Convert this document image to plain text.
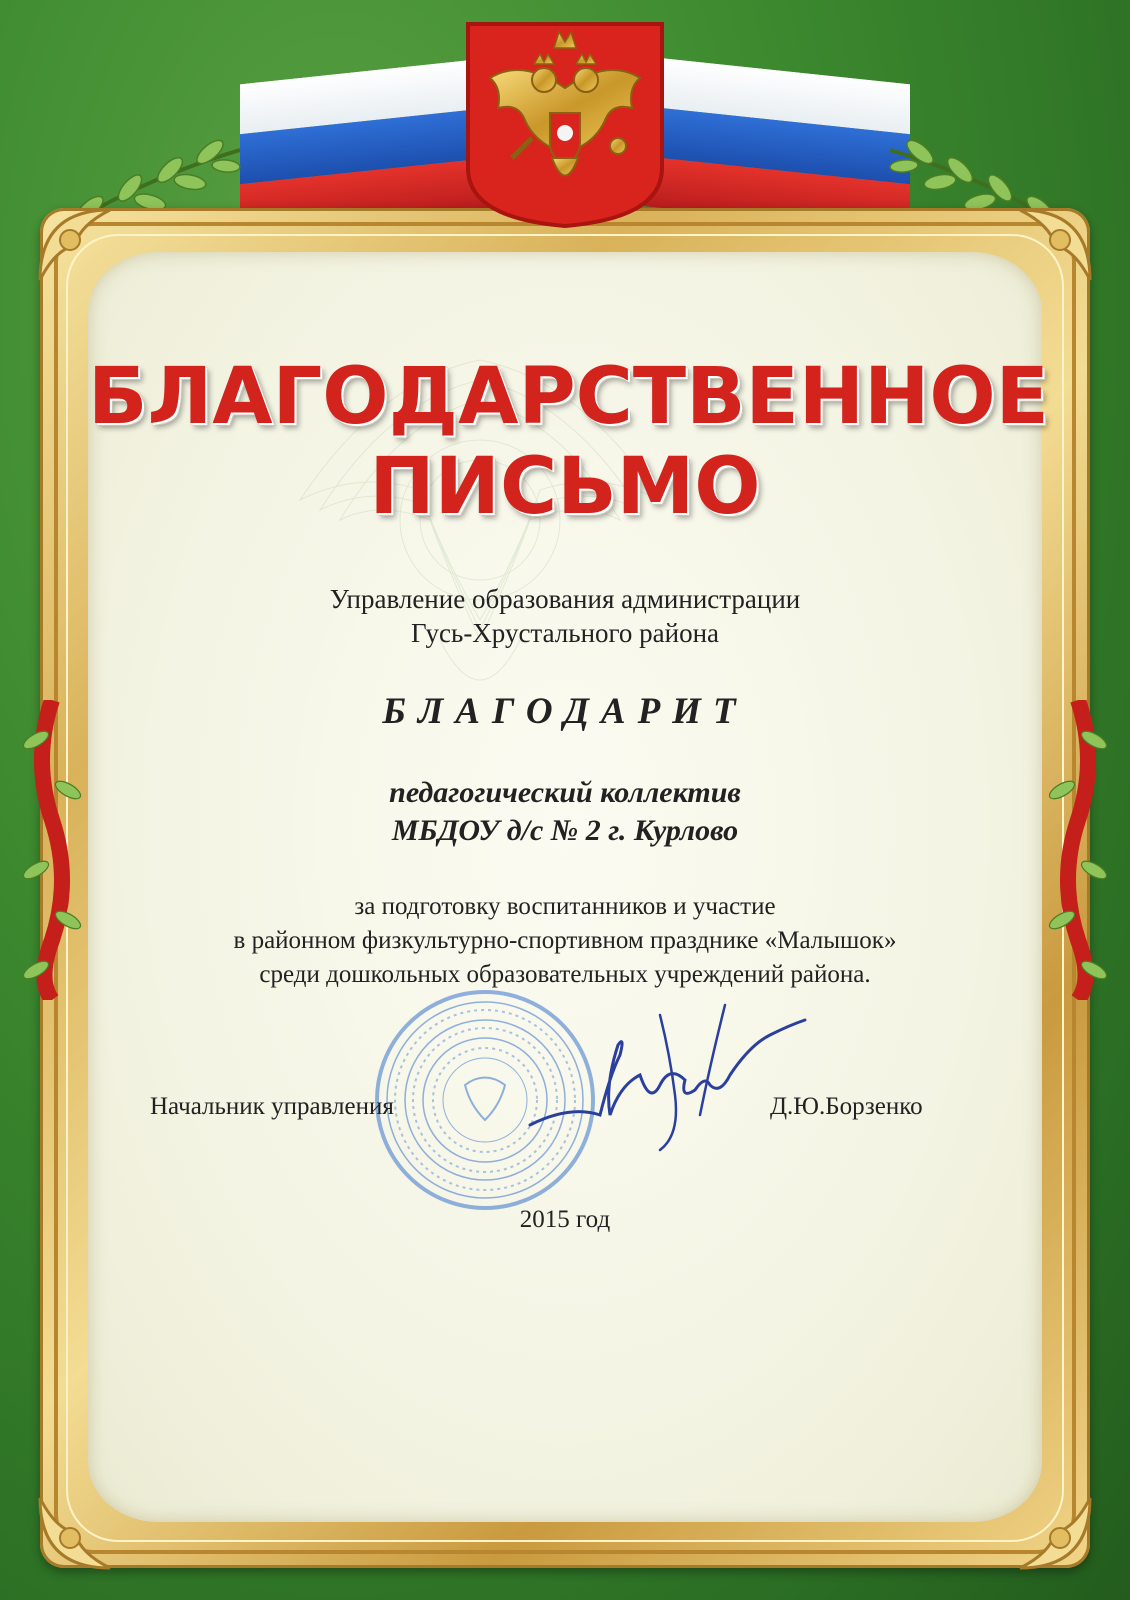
БЛАГОДАРСТВЕННОЕ
ПИСЬМО
Управление образования администрации
Гусь-Хрустального района
БЛАГОДАРИТ
педагогический коллектив
МБДОУ д/с № 2 г. Курлово
за подготовку воспитанников и участие
в районном физкультурно-спортивном празднике «Малышок»
среди дошкольных образовательных учреждений района.
Начальник управления	Д.Ю.Борзенко
2015 год
